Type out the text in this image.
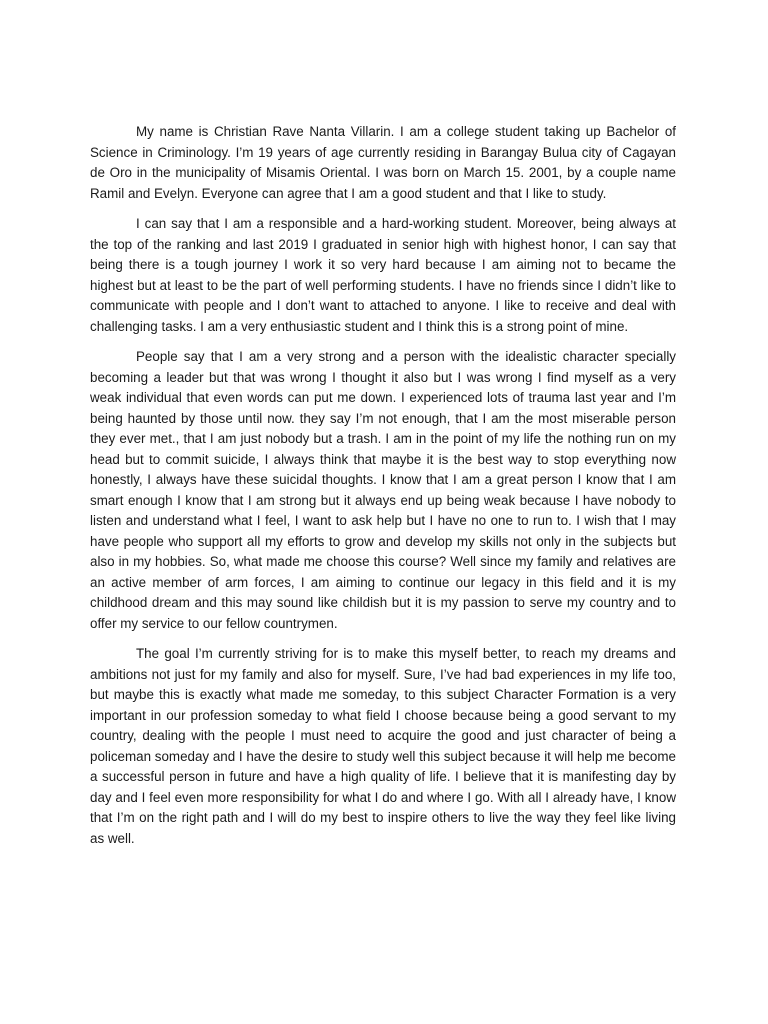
My name is Christian Rave Nanta Villarin. I am a college student taking up Bachelor of Science in Criminology. I’m 19 years of age currently residing in Barangay Bulua city of Cagayan de Oro in the municipality of Misamis Oriental. I was born on March 15. 2001, by a couple name Ramil and Evelyn. Everyone can agree that I am a good student and that I like to study.

I can say that I am a responsible and a hard-working student. Moreover, being always at the top of the ranking and last 2019 I graduated in senior high with highest honor, I can say that being there is a tough journey I work it so very hard because I am aiming not to became the highest but at least to be the part of well performing students. I have no friends since I didn’t like to communicate with people and I don’t want to attached to anyone. I like to receive and deal with challenging tasks. I am a very enthusiastic student and I think this is a strong point of mine.

People say that I am a very strong and a person with the idealistic character specially becoming a leader but that was wrong I thought it also but I was wrong I find myself as a very weak individual that even words can put me down. I experienced lots of trauma last year and I’m being haunted by those until now. they say I’m not enough, that I am the most miserable person they ever met., that I am just nobody but a trash. I am in the point of my life the nothing run on my head but to commit suicide, I always think that maybe it is the best way to stop everything now honestly, I always have these suicidal thoughts. I know that I am a great person I know that I am smart enough I know that I am strong but it always end up being weak because I have nobody to listen and understand what I feel, I want to ask help but I have no one to run to. I wish that I may have people who support all my efforts to grow and develop my skills not only in the subjects but also in my hobbies. So, what made me choose this course? Well since my family and relatives are an active member of arm forces, I am aiming to continue our legacy in this field and it is my childhood dream and this may sound like childish but it is my passion to serve my country and to offer my service to our fellow countrymen.

The goal I’m currently striving for is to make this myself better, to reach my dreams and ambitions not just for my family and also for myself. Sure, I’ve had bad experiences in my life too, but maybe this is exactly what made me someday, to this subject Character Formation is a very important in our profession someday to what field I choose because being a good servant to my country, dealing with the people I must need to acquire the good and just character of being a policeman someday and I have the desire to study well this subject because it will help me become a successful person in future and have a high quality of life. I believe that it is manifesting day by day and I feel even more responsibility for what I do and where I go. With all I already have, I know that I’m on the right path and I will do my best to inspire others to live the way they feel like living as well.
